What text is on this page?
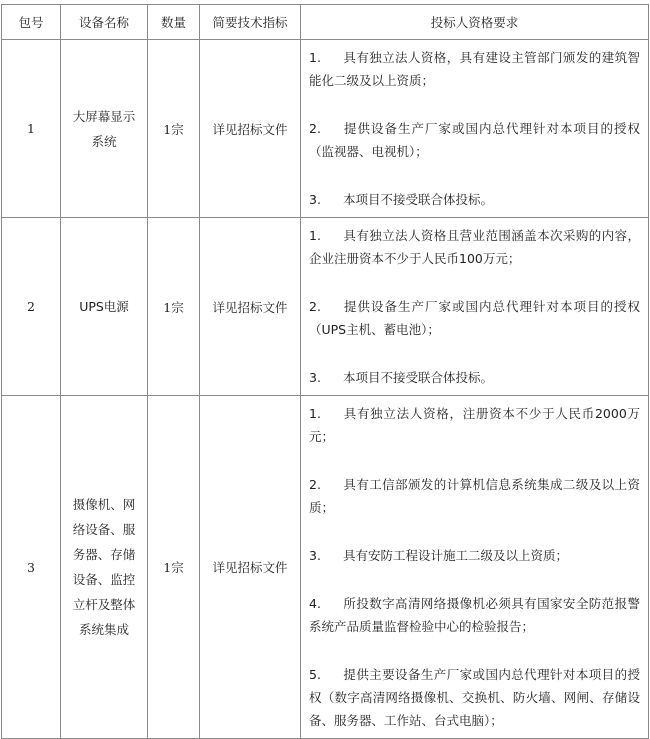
包号	设备名称	数量	简要技术指标	投标人资格要求
1	大屏幕显示系统	1宗	详见招标文件	1. 具有独立法人资格，具有建设主管部门颁发的建筑智能化二级及以上资质；

2. 提供设备生产厂家或国内总代理针对本项目的授权（监视器、电视机）；

3. 本项目不接受联合体投标。

2	UPS电源	1宗	详见招标文件	1. 具有独立法人资格且营业范围涵盖本次采购的内容，企业注册资本不少于人民币100万元；

2. 提供设备生产厂家或国内总代理针对本项目的授权（UPS主机、蓄电池）；

3. 本项目不接受联合体投标。

3	摄像机、网络设备、服务器、存储设备、监控立杆及整体系统集成	1宗	详见招标文件	1. 具有独立法人资格，注册资本不少于人民币2000万元；

2. 具有工信部颁发的计算机信息系统集成二级及以上资质；

3. 具有安防工程设计施工二级及以上资质；

4. 所投数字高清网络摄像机必须具有国家安全防范报警系统产品质量监督检验中心的检验报告；

5. 提供主要设备生产厂家或国内总代理针对本项目的授权（数字高清网络摄像机、交换机、防火墙、网闸、存储设备、服务器、工作站、台式电脑）；
